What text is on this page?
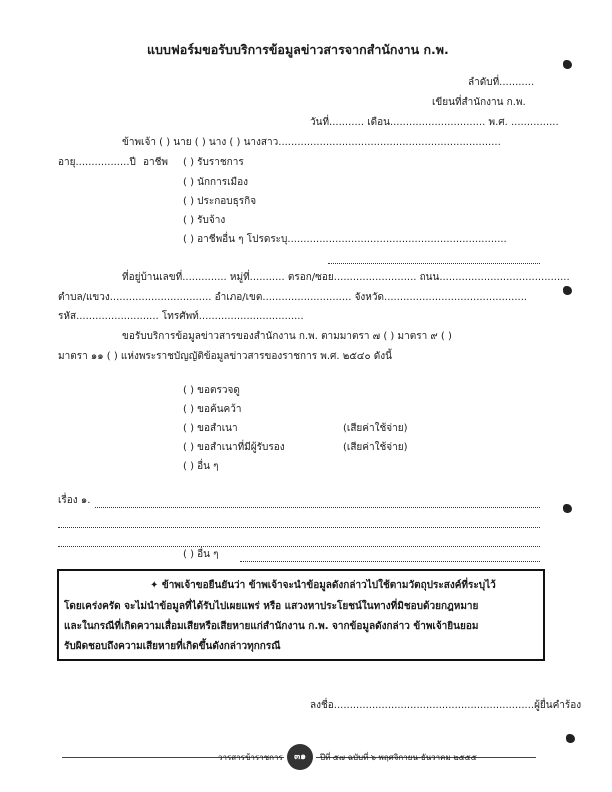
แบบฟอร์มขอรับบริการข้อมูลข่าวสารจากสำนักงาน ก.พ.
ลำดับที่...........
เขียนที่สำนักงาน ก.พ.
วันที่........... เดือน.............................. พ.ศ. ...............
ข้าพเจ้า ( ) นาย ( ) นาง ( ) นางสาว......................................................................
อายุ.................ปี อาชีพ ( ) รับราชการ
( ) นักการเมือง
( ) ประกอบธุรกิจ
( ) รับจ้าง
( ) อาชีพอื่น ๆ โปรดระบุ.....................................................................
ที่อยู่บ้านเลขที่.............. หมู่ที่........... ตรอก/ซอย.......................... ถนน.........................................
ตำบล/แขวง................................ อำเภอ/เขต............................ จังหวัด.............................................
รหัส.......................... โทรศัพท์.................................
ขอรับบริการข้อมูลข่าวสารของสำนักงาน ก.พ. ตามมาตรา ๗ ( ) มาตรา ๙ ( )
มาตรา ๑๑ ( ) แห่งพระราชบัญญัติข้อมูลข่าวสารของราชการ พ.ศ. ๒๕๔๐ ดังนี้
( ) ขอตรวจดู
( ) ขอค้นคว้า
( ) ขอสำเนา	(เสียค่าใช้จ่าย)
( ) ขอสำเนาที่มีผู้รับรอง	(เสียค่าใช้จ่าย)
( ) อื่น ๆ
เรื่อง ๑.
( ) อื่น ๆ
✦ ข้าพเจ้าขอยืนยันว่า ข้าพเจ้าจะนำข้อมูลดังกล่าวไปใช้ตามวัตถุประสงค์ที่ระบุไว้
โดยเคร่งครัด จะไม่นำข้อมูลที่ได้รับไปเผยแพร่ หรือ แสวงหาประโยชน์ในทางที่มิชอบด้วยกฎหมาย
และในกรณีที่เกิดความเสื่อมเสียหรือเสียหายแก่สำนักงาน ก.พ. จากข้อมูลดังกล่าว ข้าพเจ้ายินยอม
รับผิดชอบถึงความเสียหายที่เกิดขึ้นดังกล่าวทุกกรณี
ลงชื่อ...............................................................ผู้ยื่นคำร้อง
วารสารข้าราชการ	๓๑	ปีที่ ๕๗ ฉบับที่ ๖ พฤศจิกายน-ธันวาคม ๒๕๕๕
